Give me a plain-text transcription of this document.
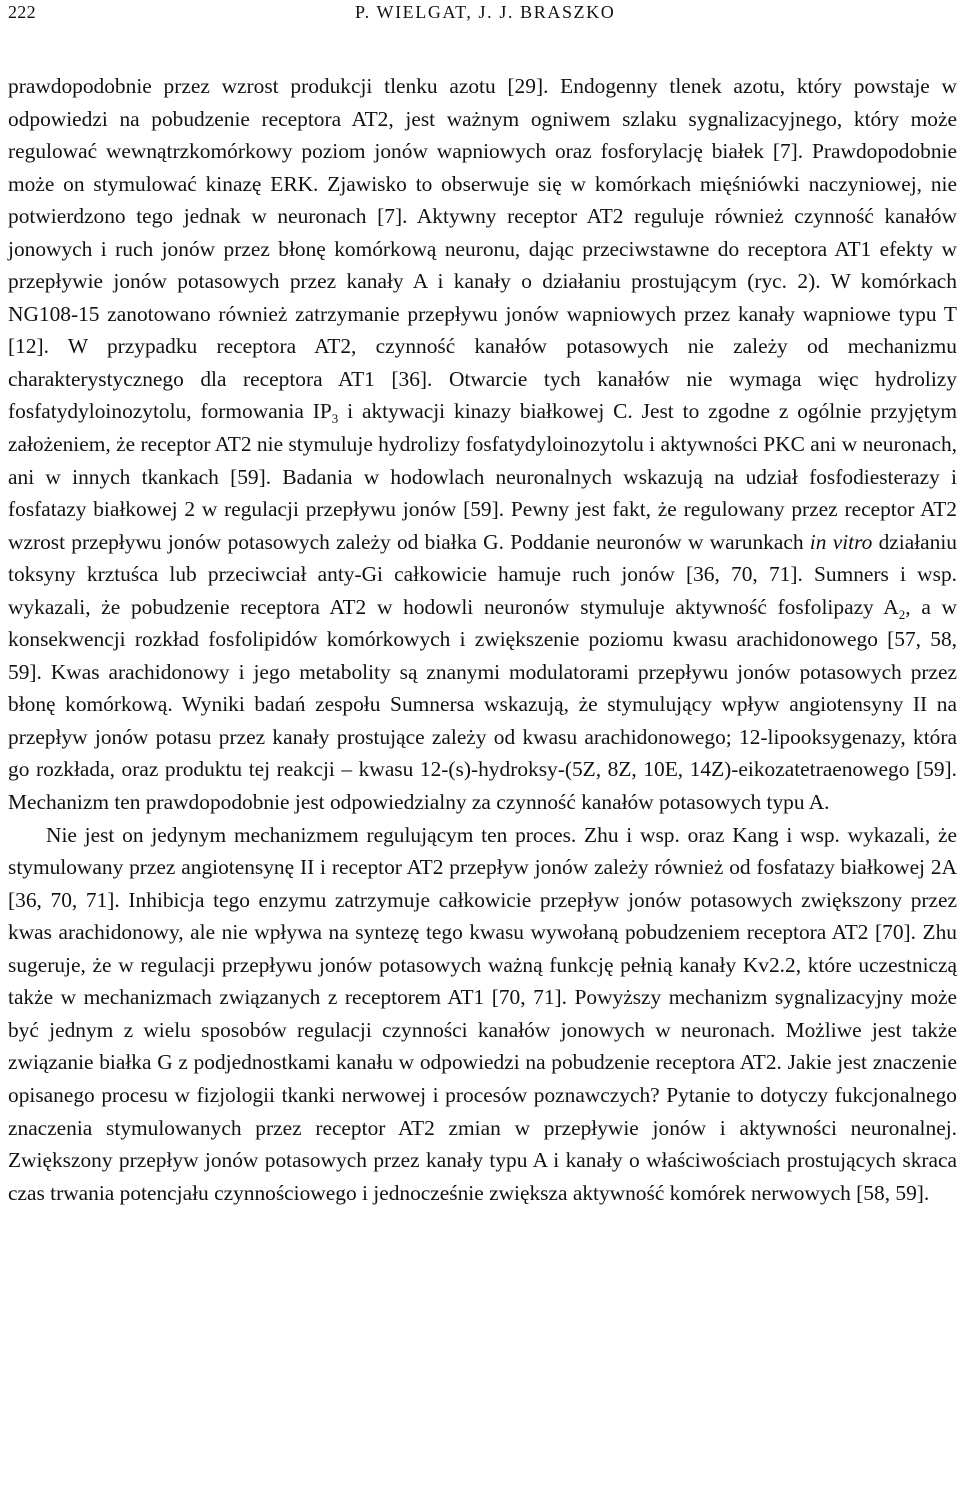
222	P. WIELGAT, J. J. BRASZKO

prawdopodobnie przez wzrost produkcji tlenku azotu [29]. Endogenny tlenek azotu, który powstaje w odpowiedzi na pobudzenie receptora AT2, jest ważnym ogniwem szlaku sygnalizacyjnego, który może regulować wewnątrzkomórkowy poziom jonów wapniowych oraz fosforylację białek [7]. Prawdopodobnie może on stymulować kinazę ERK. Zjawisko to obserwuje się w komórkach mięśniówki naczyniowej, nie potwierdzono tego jednak w neuronach [7]. Aktywny receptor AT2 reguluje również czynność kanałów jonowych i ruch jonów przez błonę komórkową neuronu, dając przeciwstawne do receptora AT1 efekty w przepływie jonów potasowych przez kanały A i kanały o działaniu prostującym (ryc. 2). W komórkach NG108-15 zanotowano również zatrzymanie przepływu jonów wapniowych przez kanały wapniowe typu T [12]. W przypadku receptora AT2, czynność kanałów potasowych nie zależy od mechanizmu charakterystycznego dla receptora AT1 [36]. Otwarcie tych kanałów nie wymaga więc hydrolizy fosfatydyloinozytolu, formowania $IP_3$ i aktywacji kinazy białkowej C. Jest to zgodne z ogólnie przyjętym założeniem, że receptor AT2 nie stymuluje hydrolizy fosfatydyloinozytolu i aktywności PKC ani w neuronach, ani w innych tkankach [59]. Badania w hodowlach neuronalnych wskazują na udział fosfodiesterazy i fosfatazy białkowej 2 w regulacji przepływu jonów [59]. Pewny jest fakt, że regulowany przez receptor AT2 wzrost przepływu jonów potasowych zależy od białka G. Poddanie neuronów w warunkach in vitro działaniu toksyny krztuśca lub przeciwciał anty-Gi całkowicie hamuje ruch jonów [36, 70, 71]. Sumners i wsp. wykazali, że pobudzenie receptora AT2 w hodowli neuronów stymuluje aktywność fosfolipazy $A_2$, a w konsekwencji rozkład fosfolipidów komórkowych i zwiększenie poziomu kwasu arachidonowego [57, 58, 59]. Kwas arachidonowy i jego metabolity są znanymi modulatorami przepływu jonów potasowych przez błonę komórkową. Wyniki badań zespołu Sumnersa wskazują, że stymulujący wpływ angiotensyny II na przepływ jonów potasu przez kanały prostujące zależy od kwasu arachidonowego; 12-lipooksygenazy, która go rozkłada, oraz produktu tej reakcji – kwasu 12-(s)-hydroksy-(5Z, 8Z, 10E, 14Z)-eikozatetraenowego [59]. Mechanizm ten prawdopodobnie jest odpowiedzialny za czynność kanałów potasowych typu A.

Nie jest on jedynym mechanizmem regulującym ten proces. Zhu i wsp. oraz Kang i wsp. wykazali, że stymulowany przez angiotensynę II i receptor AT2 przepływ jonów zależy również od fosfatazy białkowej 2A [36, 70, 71]. Inhibicja tego enzymu zatrzymuje całkowicie przepływ jonów potasowych zwiększony przez kwas arachidonowy, ale nie wpływa na syntezę tego kwasu wywołaną pobudzeniem receptora AT2 [70]. Zhu sugeruje, że w regulacji przepływu jonów potasowych ważną funkcję pełnią kanały Kv2.2, które uczestniczą także w mechanizmach związanych z receptorem AT1 [70, 71]. Powyższy mechanizm sygnalizacyjny może być jednym z wielu sposobów regulacji czynności kanałów jonowych w neuronach. Możliwe jest także związanie białka G z podjednostkami kanału w odpowiedzi na pobudzenie receptora AT2. Jakie jest znaczenie opisanego procesu w fizjologii tkanki nerwowej i procesów poznawczych? Pytanie to dotyczy fukcjonalnego znaczenia stymulowanych przez receptor AT2 zmian w przepływie jonów i aktywności neuronalnej. Zwiększony przepływ jonów potasowych przez kanały typu A i kanały o właściwościach prostujących skraca czas trwania potencjału czynnościowego i jednocześnie zwiększa aktywność komórek nerwowych [58, 59].
